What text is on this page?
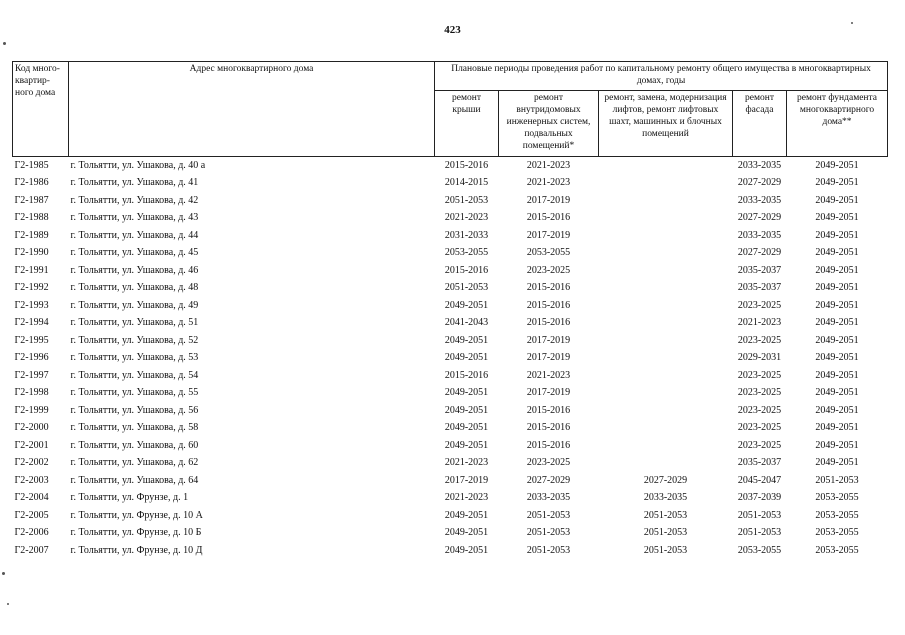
423
Код много-квартир-ного дома	Адрес многоквартирного дома	Плановые периоды проведения работ по капитальному ремонту общего имущества в многоквартирных домах, годы				
		ремонт крыши	ремонт внутридомовых инженерных систем, подвальных помещений*	ремонт, замена, модернизация лифтов, ремонт лифтовых шахт, машинных и блочных помещений	ремонт фасада	ремонт фундамента многоквартирного дома**
Г2-1985	г. Тольятти, ул. Ушакова, д. 40 а	2015-2016	2021-2023		2033-2035	2049-2051
Г2-1986	г. Тольятти, ул. Ушакова, д. 41	2014-2015	2021-2023		2027-2029	2049-2051
Г2-1987	г. Тольятти, ул. Ушакова, д. 42	2051-2053	2017-2019		2033-2035	2049-2051
Г2-1988	г. Тольятти, ул. Ушакова, д. 43	2021-2023	2015-2016		2027-2029	2049-2051
Г2-1989	г. Тольятти, ул. Ушакова, д. 44	2031-2033	2017-2019		2033-2035	2049-2051
Г2-1990	г. Тольятти, ул. Ушакова, д. 45	2053-2055	2053-2055		2027-2029	2049-2051
Г2-1991	г. Тольятти, ул. Ушакова, д. 46	2015-2016	2023-2025		2035-2037	2049-2051
Г2-1992	г. Тольятти, ул. Ушакова, д. 48	2051-2053	2015-2016		2035-2037	2049-2051
Г2-1993	г. Тольятти, ул. Ушакова, д. 49	2049-2051	2015-2016		2023-2025	2049-2051
Г2-1994	г. Тольятти, ул. Ушакова, д. 51	2041-2043	2015-2016		2021-2023	2049-2051
Г2-1995	г. Тольятти, ул. Ушакова, д. 52	2049-2051	2017-2019		2023-2025	2049-2051
Г2-1996	г. Тольятти, ул. Ушакова, д. 53	2049-2051	2017-2019		2029-2031	2049-2051
Г2-1997	г. Тольятти, ул. Ушакова, д. 54	2015-2016	2021-2023		2023-2025	2049-2051
Г2-1998	г. Тольятти, ул. Ушакова, д. 55	2049-2051	2017-2019		2023-2025	2049-2051
Г2-1999	г. Тольятти, ул. Ушакова, д. 56	2049-2051	2015-2016		2023-2025	2049-2051
Г2-2000	г. Тольятти, ул. Ушакова, д. 58	2049-2051	2015-2016		2023-2025	2049-2051
Г2-2001	г. Тольятти, ул. Ушакова, д. 60	2049-2051	2015-2016		2023-2025	2049-2051
Г2-2002	г. Тольятти, ул. Ушакова, д. 62	2021-2023	2023-2025		2035-2037	2049-2051
Г2-2003	г. Тольятти, ул. Ушакова, д. 64	2017-2019	2027-2029	2027-2029	2045-2047	2051-2053
Г2-2004	г. Тольятти, ул. Фрунзе, д. 1	2021-2023	2033-2035	2033-2035	2037-2039	2053-2055
Г2-2005	г. Тольятти, ул. Фрунзе, д. 10 А	2049-2051	2051-2053	2051-2053	2051-2053	2053-2055
Г2-2006	г. Тольятти, ул. Фрунзе, д. 10 Б	2049-2051	2051-2053	2051-2053	2051-2053	2053-2055
Г2-2007	г. Тольятти, ул. Фрунзе, д. 10 Д	2049-2051	2051-2053	2051-2053	2053-2055	2053-2055
